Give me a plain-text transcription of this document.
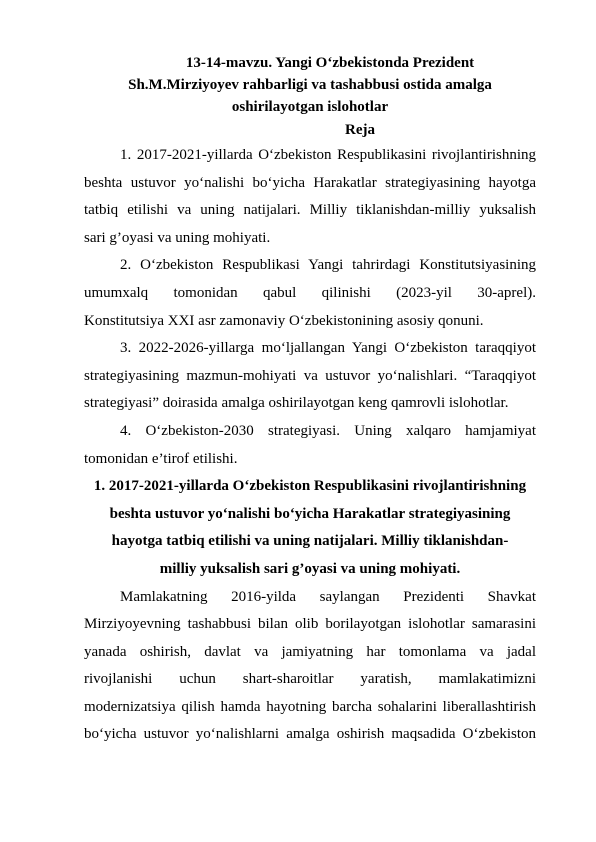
13-14-mavzu. Yangi O‘zbekistonda Prezident
Sh.M.Mirziyoyev rahbarligi va tashabbusi ostida amalga
oshirilayotgan islohotlar
Reja
1. 2017-2021-yillarda O‘zbekiston Respublikasini rivojlantirishning
beshta ustuvor yo‘nalishi bo‘yicha Harakatlar strategiyasining hayotga
tatbiq etilishi va uning natijalari. Milliy tiklanishdan-milliy yuksalish
sari g’oyasi va uning mohiyati.
2. O‘zbekiston Respublikasi Yangi tahrirdagi Konstitutsiyasining
umumxalq tomonidan qabul qilinishi (2023-yil 30-aprel).
Konstitutsiya XXI asr zamonaviy O‘zbekistonining asosiy qonuni.
3. 2022-2026-yillarga mo‘ljallangan Yangi O‘zbekiston taraqqiyot
strategiyasining mazmun-mohiyati va ustuvor yo‘nalishlari. “Taraqqiyot
strategiyasi” doirasida amalga oshirilayotgan keng qamrovli islohotlar.
4. O‘zbekiston-2030 strategiyasi. Uning xalqaro hamjamiyat
tomonidan e’tirof etilishi.
1. 2017-2021-yillarda O‘zbekiston Respublikasini rivojlantirishning
beshta ustuvor yo‘nalishi bo‘yicha Harakatlar strategiyasining
hayotga tatbiq etilishi va uning natijalari. Milliy tiklanishdan-
milliy yuksalish sari g’oyasi va uning mohiyati.
Mamlakatning 2016-yilda saylangan Prezidenti Shavkat
Mirziyoyevning tashabbusi bilan olib borilayotgan islohotlar samarasini
yanada oshirish, davlat va jamiyatning har tomonlama va jadal
rivojlanishi uchun shart-sharoitlar yaratish, mamlakatimizni
modernizatsiya qilish hamda hayotning barcha sohalarini liberallashtirish
bo‘yicha ustuvor yo‘nalishlarni amalga oshirish maqsadida O‘zbekiston
